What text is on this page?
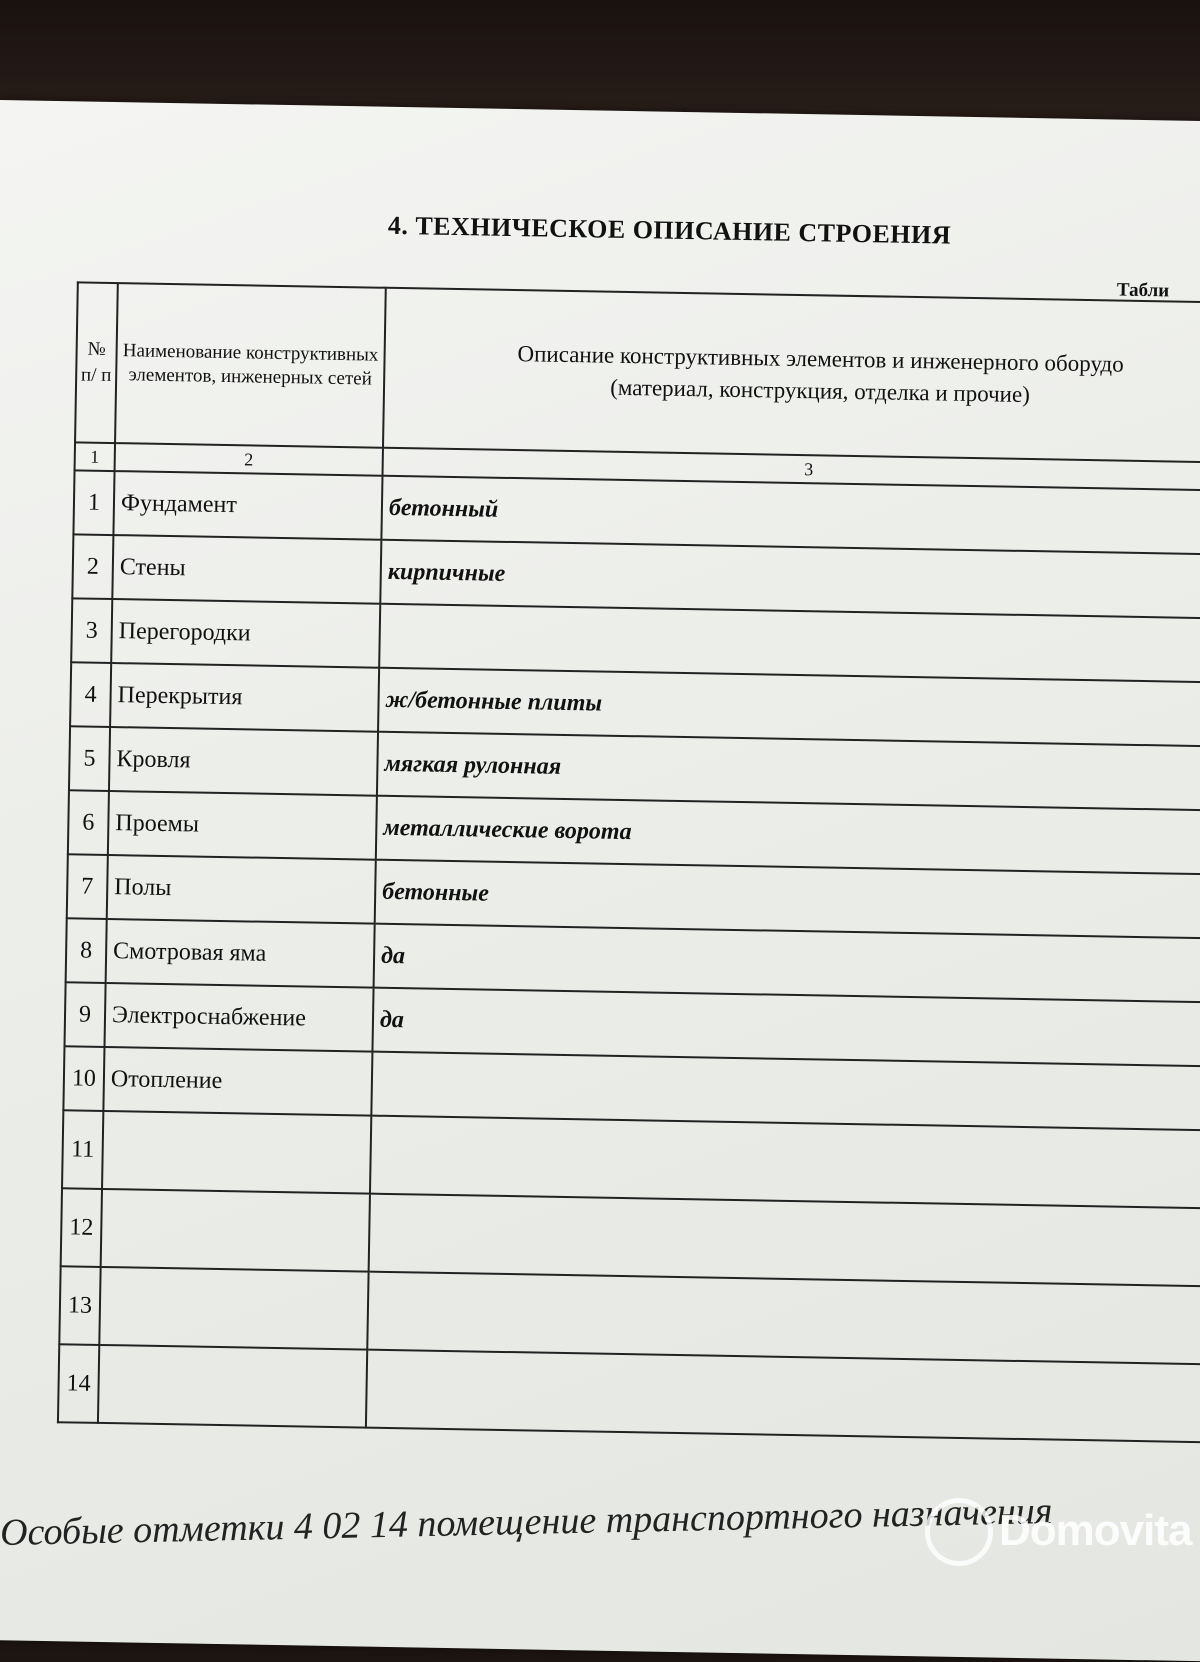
4. ТЕХНИЧЕСКОЕ ОПИСАНИЕ СТРОЕНИЯ
Табли
№ п/ п	Наименование конструктивных элементов, инженерных сетей	Описание конструктивных элементов и инженерного оборудо
(материал, конструкция, отделка и прочие)

1	2	3
1	Фундамент	бетонный
2	Стены	кирпичные
3	Перегородки	
4	Перекрытия	ж/бетонные плиты
5	Кровля	мягкая рулонная
6	Проемы	металлические ворота
7	Полы	бетонные
8	Смотровая яма	да
9	Электроснабжение	да
10	Отопление	
11		
12		
13		
14		
Особые отметки 4 02 14 помещение транспортного назначения
Domovita
